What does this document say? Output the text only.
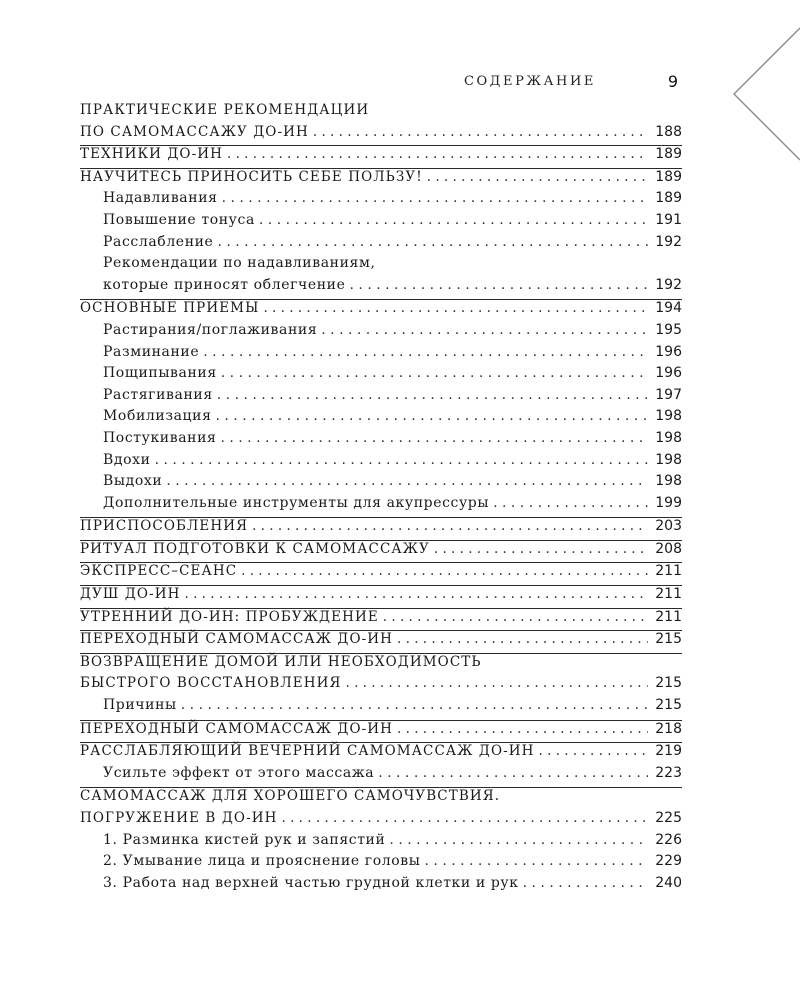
СОДЕРЖАНИЕ	9
ПРАКТИЧЕСКИЕ РЕКОМЕНДАЦИИ
ПО САМОМАССАЖУ ДО-ИН . . .	188
ТЕХНИКИ ДО-ИН . . .	189
НАУЧИТЕСЬ ПРИНОСИТЬ СЕБЕ ПОЛЬЗУ! . . .	189
Надавливания . . .	189
Повышение тонуса . . .	191
Расслабление . . .	192
Рекомендации по надавливаниям,
которые приносят облегчение . . .	192
ОСНОВНЫЕ ПРИЕМЫ . . .	194
Растирания/поглаживания . . .	195
Разминание . . .	196
Пощипывания . . .	196
Растягивания . . .	197
Мобилизация . . .	198
Постукивания . . .	198
Вдохи . . .	198
Выдохи . . .	198
Дополнительные инструменты для акупрессуры . . .	199
ПРИСПОСОБЛЕНИЯ . . .	203
РИТУАЛ ПОДГОТОВКИ К САМОМАССАЖУ . . .	208
ЭКСПРЕСС–СЕАНС . . .	211
ДУШ ДО-ИН . . .	211
УТРЕННИЙ ДО-ИН: ПРОБУЖДЕНИЕ . . .	211
ПЕРЕХОДНЫЙ САМОМАССАЖ ДО-ИН . . .	215
ВОЗВРАЩЕНИЕ ДОМОЙ ИЛИ НЕОБХОДИМОСТЬ
БЫСТРОГО ВОССТАНОВЛЕНИЯ . . .	215
Причины . . .	215
ПЕРЕХОДНЫЙ САМОМАССАЖ ДО-ИН . . .	218
РАССЛАБЛЯЮЩИЙ ВЕЧЕРНИЙ САМОМАССАЖ ДО-ИН . . .	219
Усильте эффект от этого массажа . . .	223
САМОМАССАЖ ДЛЯ ХОРОШЕГО САМОЧУВСТВИЯ.
ПОГРУЖЕНИЕ В ДО-ИН . . .	225
1. Разминка кистей рук и запястий . . .	226
2. Умывание лица и прояснение головы . . .	229
3. Работа над верхней частью грудной клетки и рук . . .	240
